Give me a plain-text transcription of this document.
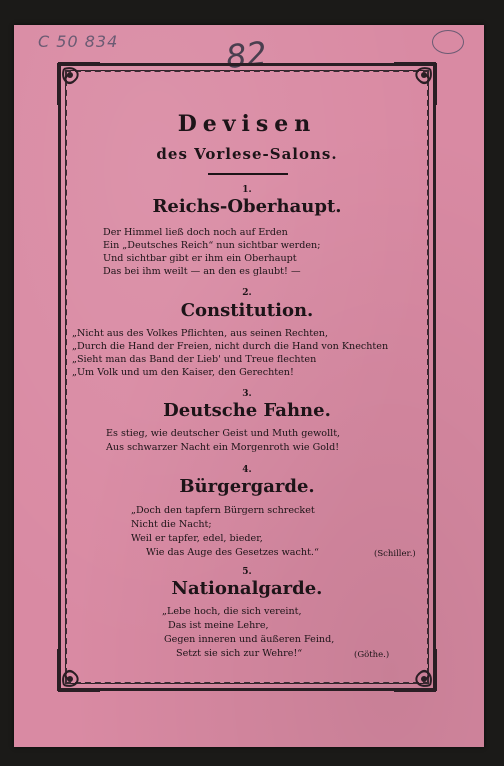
C 50 834	82
Devisen
des Vorlese-Salons.
1.
Reichs-Oberhaupt.
Der Himmel ließ doch noch auf Erden
Ein „Deutsches Reich“ nun sichtbar werden;
Und sichtbar gibt er ihm ein Oberhaupt
Das bei ihm weilt — an den es glaubt! —
2.
Constitution.
„Nicht aus des Volkes Pflichten, aus seinen Rechten,
„Durch die Hand der Freien, nicht durch die Hand von Knechten
„Sieht man das Band der Lieb' und Treue flechten
„Um Volk und um den Kaiser, den Gerechten!
3.
Deutsche Fahne.
Es stieg, wie deutscher Geist und Muth gewollt,
Aus schwarzer Nacht ein Morgenroth wie Gold!
4.
Bürgergarde.
„Doch den tapfern Bürgern schrecket
Nicht die Nacht;
Weil er tapfer, edel, bieder,
Wie das Auge des Gesetzes wacht.“	(Schiller.)
5.
Nationalgarde.
„Lebe hoch, die sich vereint,
Das ist meine Lehre,
Gegen inneren und äußeren Feind,
Setzt sie sich zur Wehre!“	(Göthe.)
